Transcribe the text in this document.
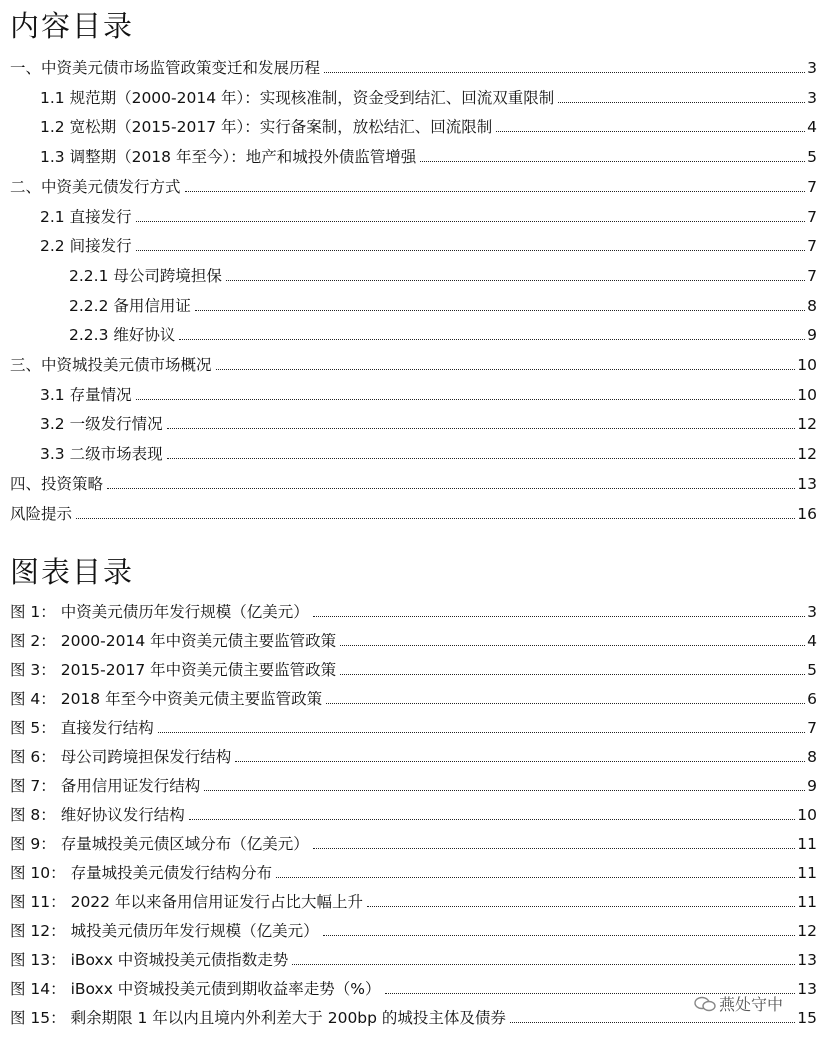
内容目录
一、中资美元债市场监管政策变迁和发展历程	3
1.1 规范期（2000-2014 年）：实现核准制，资金受到结汇、回流双重限制	3
1.2 宽松期（2015-2017 年）：实行备案制，放松结汇、回流限制	4
1.3 调整期（2018 年至今）：地产和城投外债监管增强	5
二、中资美元债发行方式	7
2.1 直接发行	7
2.2 间接发行	7
2.2.1 母公司跨境担保	7
2.2.2 备用信用证	8
2.2.3 维好协议	9
三、中资城投美元债市场概况	10
3.1 存量情况	10
3.2 一级发行情况	12
3.3 二级市场表现	12
四、投资策略	13
风险提示	16
图表目录
图 1： 中资美元债历年发行规模（亿美元）	3
图 2： 2000-2014 年中资美元债主要监管政策	4
图 3： 2015-2017 年中资美元债主要监管政策	5
图 4： 2018 年至今中资美元债主要监管政策	6
图 5： 直接发行结构	7
图 6： 母公司跨境担保发行结构	8
图 7： 备用信用证发行结构	9
图 8： 维好协议发行结构	10
图 9： 存量城投美元债区域分布（亿美元）	11
图 10： 存量城投美元债发行结构分布	11
图 11： 2022 年以来备用信用证发行占比大幅上升	11
图 12： 城投美元债历年发行规模（亿美元）	12
图 13： iBoxx 中资城投美元债指数走势	13
图 14： iBoxx 中资城投美元债到期收益率走势（%）	13
图 15： 剩余期限 1 年以内且境内外利差大于 200bp 的城投主体及债券	15
燕处守中
